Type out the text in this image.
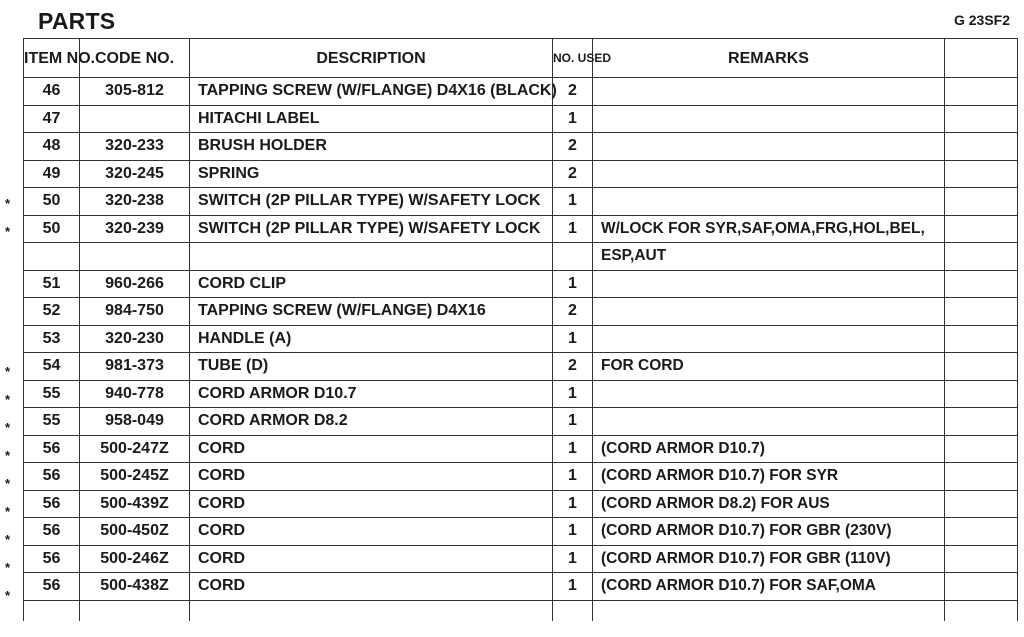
PARTS	G 23SF2
*
*
*
*
*
*
*
*
*
*
*
ITEM NO.	CODE NO.	DESCRIPTION	NO. USED	REMARKS	
46	305-812	TAPPING SCREW (W/FLANGE) D4X16 (BLACK)	2		
47		HITACHI LABEL	1		
48	320-233	BRUSH HOLDER	2		
49	320-245	SPRING	2		
50	320-238	SWITCH (2P PILLAR TYPE) W/SAFETY LOCK	1		
50	320-239	SWITCH (2P PILLAR TYPE) W/SAFETY LOCK	1	W/LOCK FOR SYR,SAF,OMA,FRG,HOL,BEL,	
				ESP,AUT	
51	960-266	CORD CLIP	1		
52	984-750	TAPPING SCREW (W/FLANGE) D4X16	2		
53	320-230	HANDLE (A)	1		
54	981-373	TUBE (D)	2	FOR CORD	
55	940-778	CORD ARMOR D10.7	1		
55	958-049	CORD ARMOR D8.2	1		
56	500-247Z	CORD	1	(CORD ARMOR D10.7)	
56	500-245Z	CORD	1	(CORD ARMOR D10.7) FOR SYR	
56	500-439Z	CORD	1	(CORD ARMOR D8.2) FOR AUS	
56	500-450Z	CORD	1	(CORD ARMOR D10.7) FOR GBR (230V)	
56	500-246Z	CORD	1	(CORD ARMOR D10.7) FOR GBR (110V)	
56	500-438Z	CORD	1	(CORD ARMOR D10.7) FOR SAF,OMA	
